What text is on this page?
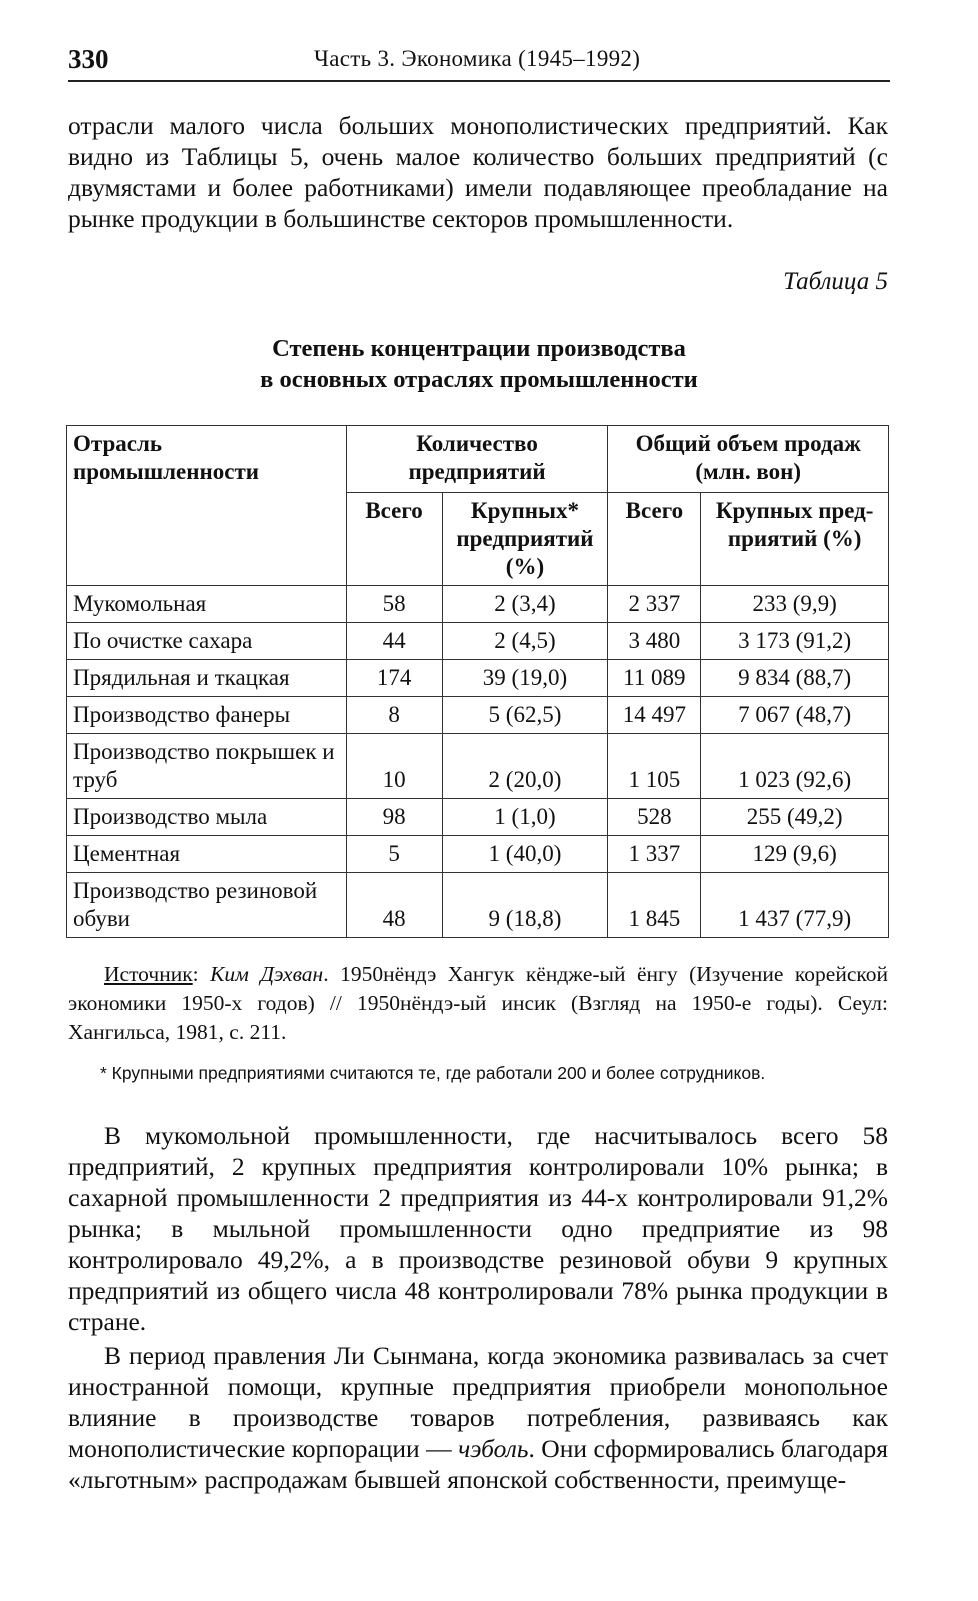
330	Часть 3. Экономика (1945–1992)

отрасли малого числа больших монополистических предприятий. Как видно из Таблицы 5, очень малое количество больших предприятий (с двумястами и более работниками) имели подавляющее преобладание на рынке продукции в большинстве секторов промышленности.

Таблица 5
Степень концентрации производства
в основных отраслях промышленности
Отрасль промышленности	Количество предприятий		Общий объем продаж (млн. вон)	
	Всего	Крупных* предприятий (%)	Всего	Крупных пред-приятий (%)
Мукомольная	58	2 (3,4)	2 337	233 (9,9)
По очистке сахара	44	2 (4,5)	3 480	3 173 (91,2)
Прядильная и ткацкая	174	39 (19,0)	11 089	9 834 (88,7)
Производство фанеры	8	5 (62,5)	14 497	7 067 (48,7)
Производство покрышек и труб	10	2 (20,0)	1 105	1 023 (92,6)
Производство мыла	98	1 (1,0)	528	255 (49,2)
Цементная	5	1 (40,0)	1 337	129 (9,6)
Производство резиновой обуви	48	9 (18,8)	1 845	1 437 (77,9)
Источник: Ким Дэхван. 1950нёндэ Хангук кёндже-ый ёнгу (Изучение корейской экономики 1950-х годов) // 1950нёндэ-ый инсик (Взгляд на 1950-е годы). Сеул: Хангильса, 1981, с. 211.
* Крупными предприятиями считаются те, где работали 200 и более сотрудников.

В мукомольной промышленности, где насчитывалось всего 58 предприятий, 2 крупных предприятия контролировали 10% рынка; в сахарной промышленности 2 предприятия из 44-х контролировали 91,2% рынка; в мыльной промышленности одно предприятие из 98 контролировало 49,2%, а в производстве резиновой обуви 9 крупных предприятий из общего числа 48 контролировали 78% рынка продукции в стране.

В период правления Ли Сынмана, когда экономика развивалась за счет иностранной помощи, крупные предприятия приобрели монопольное влияние в производстве товаров потребления, развиваясь как монополистические корпорации — чэболь. Они сформировались благодаря «льготным» распродажам бывшей японской собственности, преимуще-
